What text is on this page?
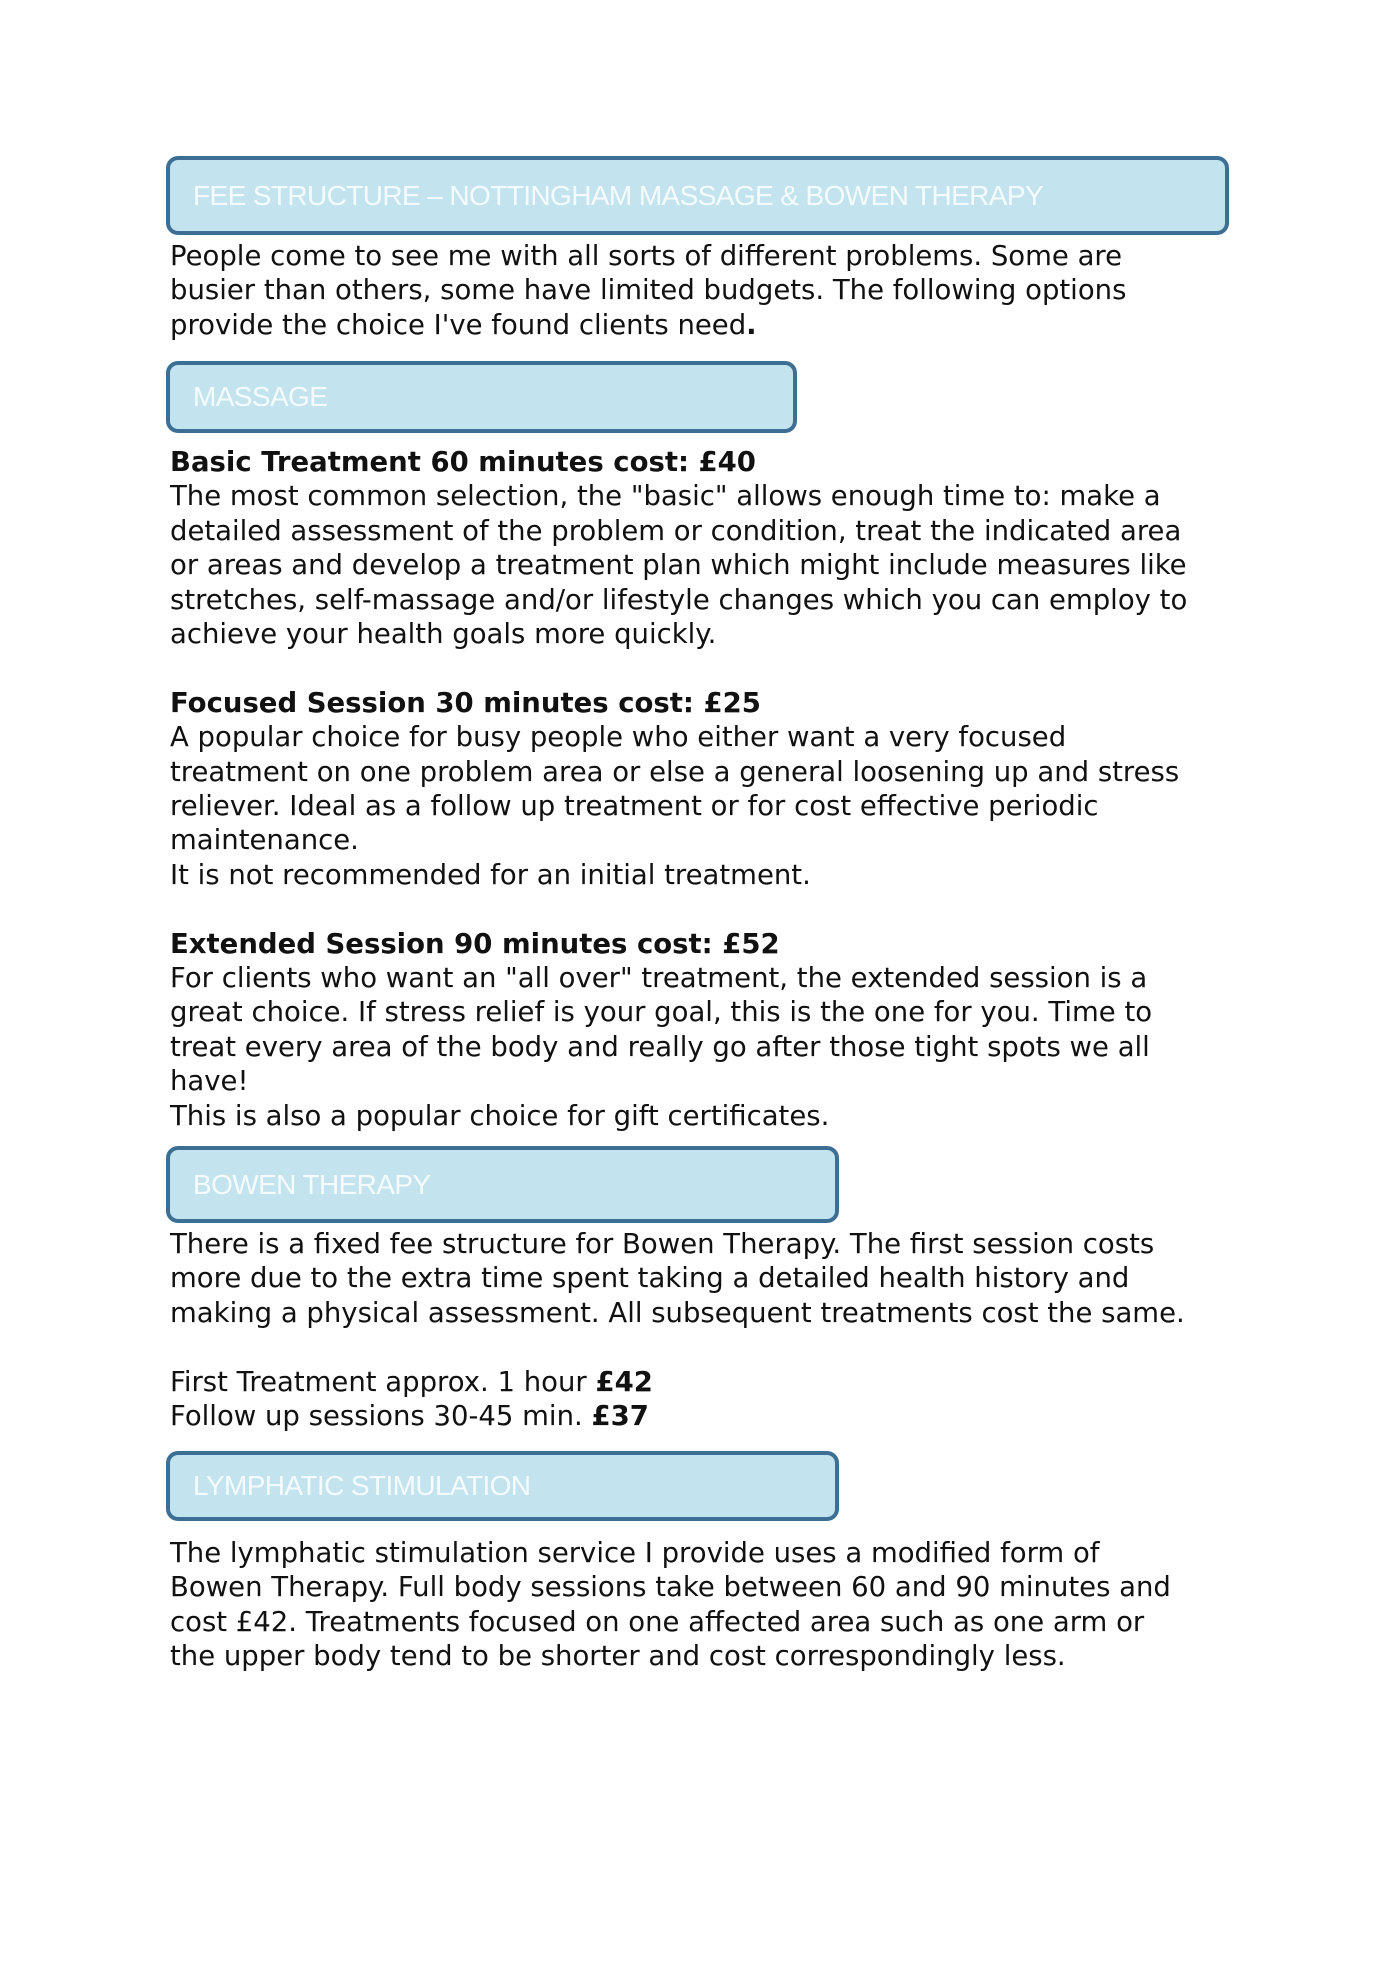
FEE STRUCTURE – NOTTINGHAM MASSAGE & BOWEN THERAPY

People come to see me with all sorts of different problems. Some are

busier than others, some have limited budgets. The following options

provide the choice I've found clients need.

MASSAGE

Basic Treatment 60 minutes cost: £40

The most common selection, the "basic" allows enough time to: make a

detailed assessment of the problem or condition, treat the indicated area

or areas and develop a treatment plan which might include measures like

stretches, self-massage and/or lifestyle changes which you can employ to

achieve your health goals more quickly.

Focused Session 30 minutes cost: £25

A popular choice for busy people who either want a very focused

treatment on one problem area or else a general loosening up and stress

reliever. Ideal as a follow up treatment or for cost effective periodic

maintenance.

It is not recommended for an initial treatment.

Extended Session 90 minutes cost: £52

For clients who want an "all over" treatment, the extended session is a

great choice. If stress relief is your goal, this is the one for you. Time to

treat every area of the body and really go after those tight spots we all

have!

This is also a popular choice for gift certificates.

BOWEN THERAPY

There is a fixed fee structure for Bowen Therapy. The first session costs

more due to the extra time spent taking a detailed health history and

making a physical assessment. All subsequent treatments cost the same.

First Treatment approx. 1 hour £42

Follow up sessions 30-45 min. £37

LYMPHATIC STIMULATION

The lymphatic stimulation service I provide uses a modified form of

Bowen Therapy. Full body sessions take between 60 and 90 minutes and

cost £42. Treatments focused on one affected area such as one arm or

the upper body tend to be shorter and cost correspondingly less.
